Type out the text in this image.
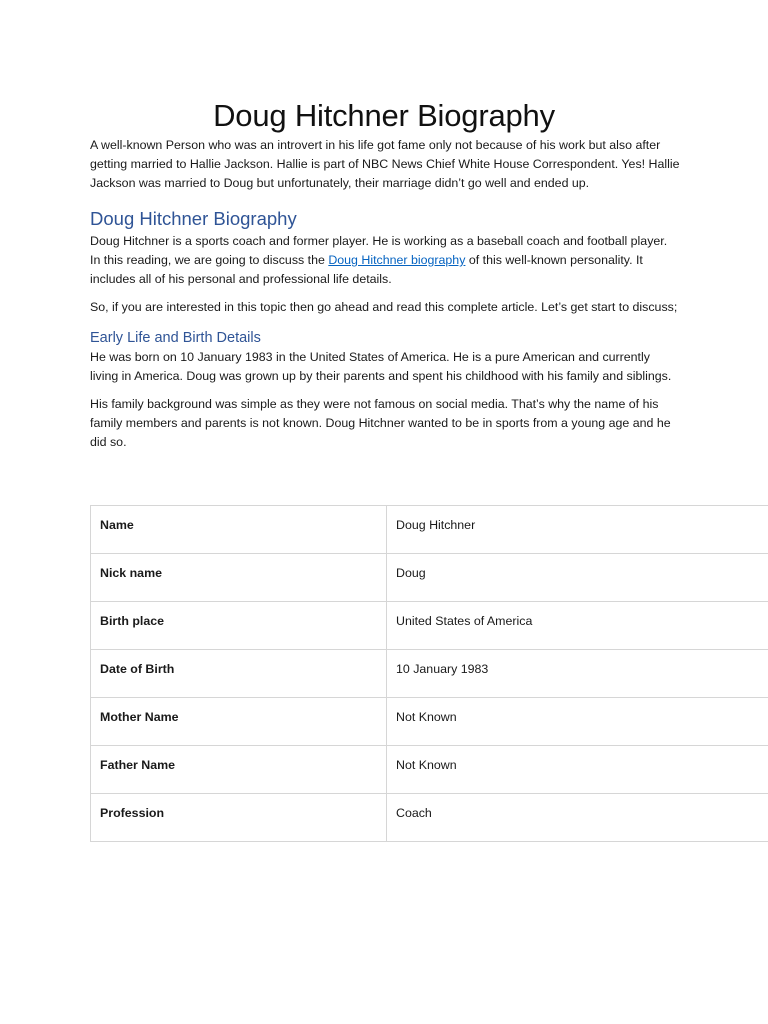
Doug Hitchner Biography

A well-known Person who was an introvert in his life got fame only not because of his work but also after getting married to Hallie Jackson. Hallie is part of NBC News Chief White House Correspondent. Yes! Hallie Jackson was married to Doug but unfortunately, their marriage didn’t go well and ended up.

Doug Hitchner Biography

Doug Hitchner is a sports coach and former player. He is working as a baseball coach and football player. In this reading, we are going to discuss the Doug Hitchner biography of this well-known personality. It includes all of his personal and professional life details.

So, if you are interested in this topic then go ahead and read this complete article. Let’s get start to discuss;

Early Life and Birth Details

He was born on 10 January 1983 in the United States of America. He is a pure American and currently living in America. Doug was grown up by their parents and spent his childhood with his family and siblings.

His family background was simple as they were not famous on social media. That’s why the name of his family members and parents is not known. Doug Hitchner wanted to be in sports from a young age and he did so.

Name	Doug Hitchner
Nick name	Doug
Birth place	United States of America
Date of Birth	10 January 1983
Mother Name	Not Known
Father Name	Not Known
Profession	Coach
